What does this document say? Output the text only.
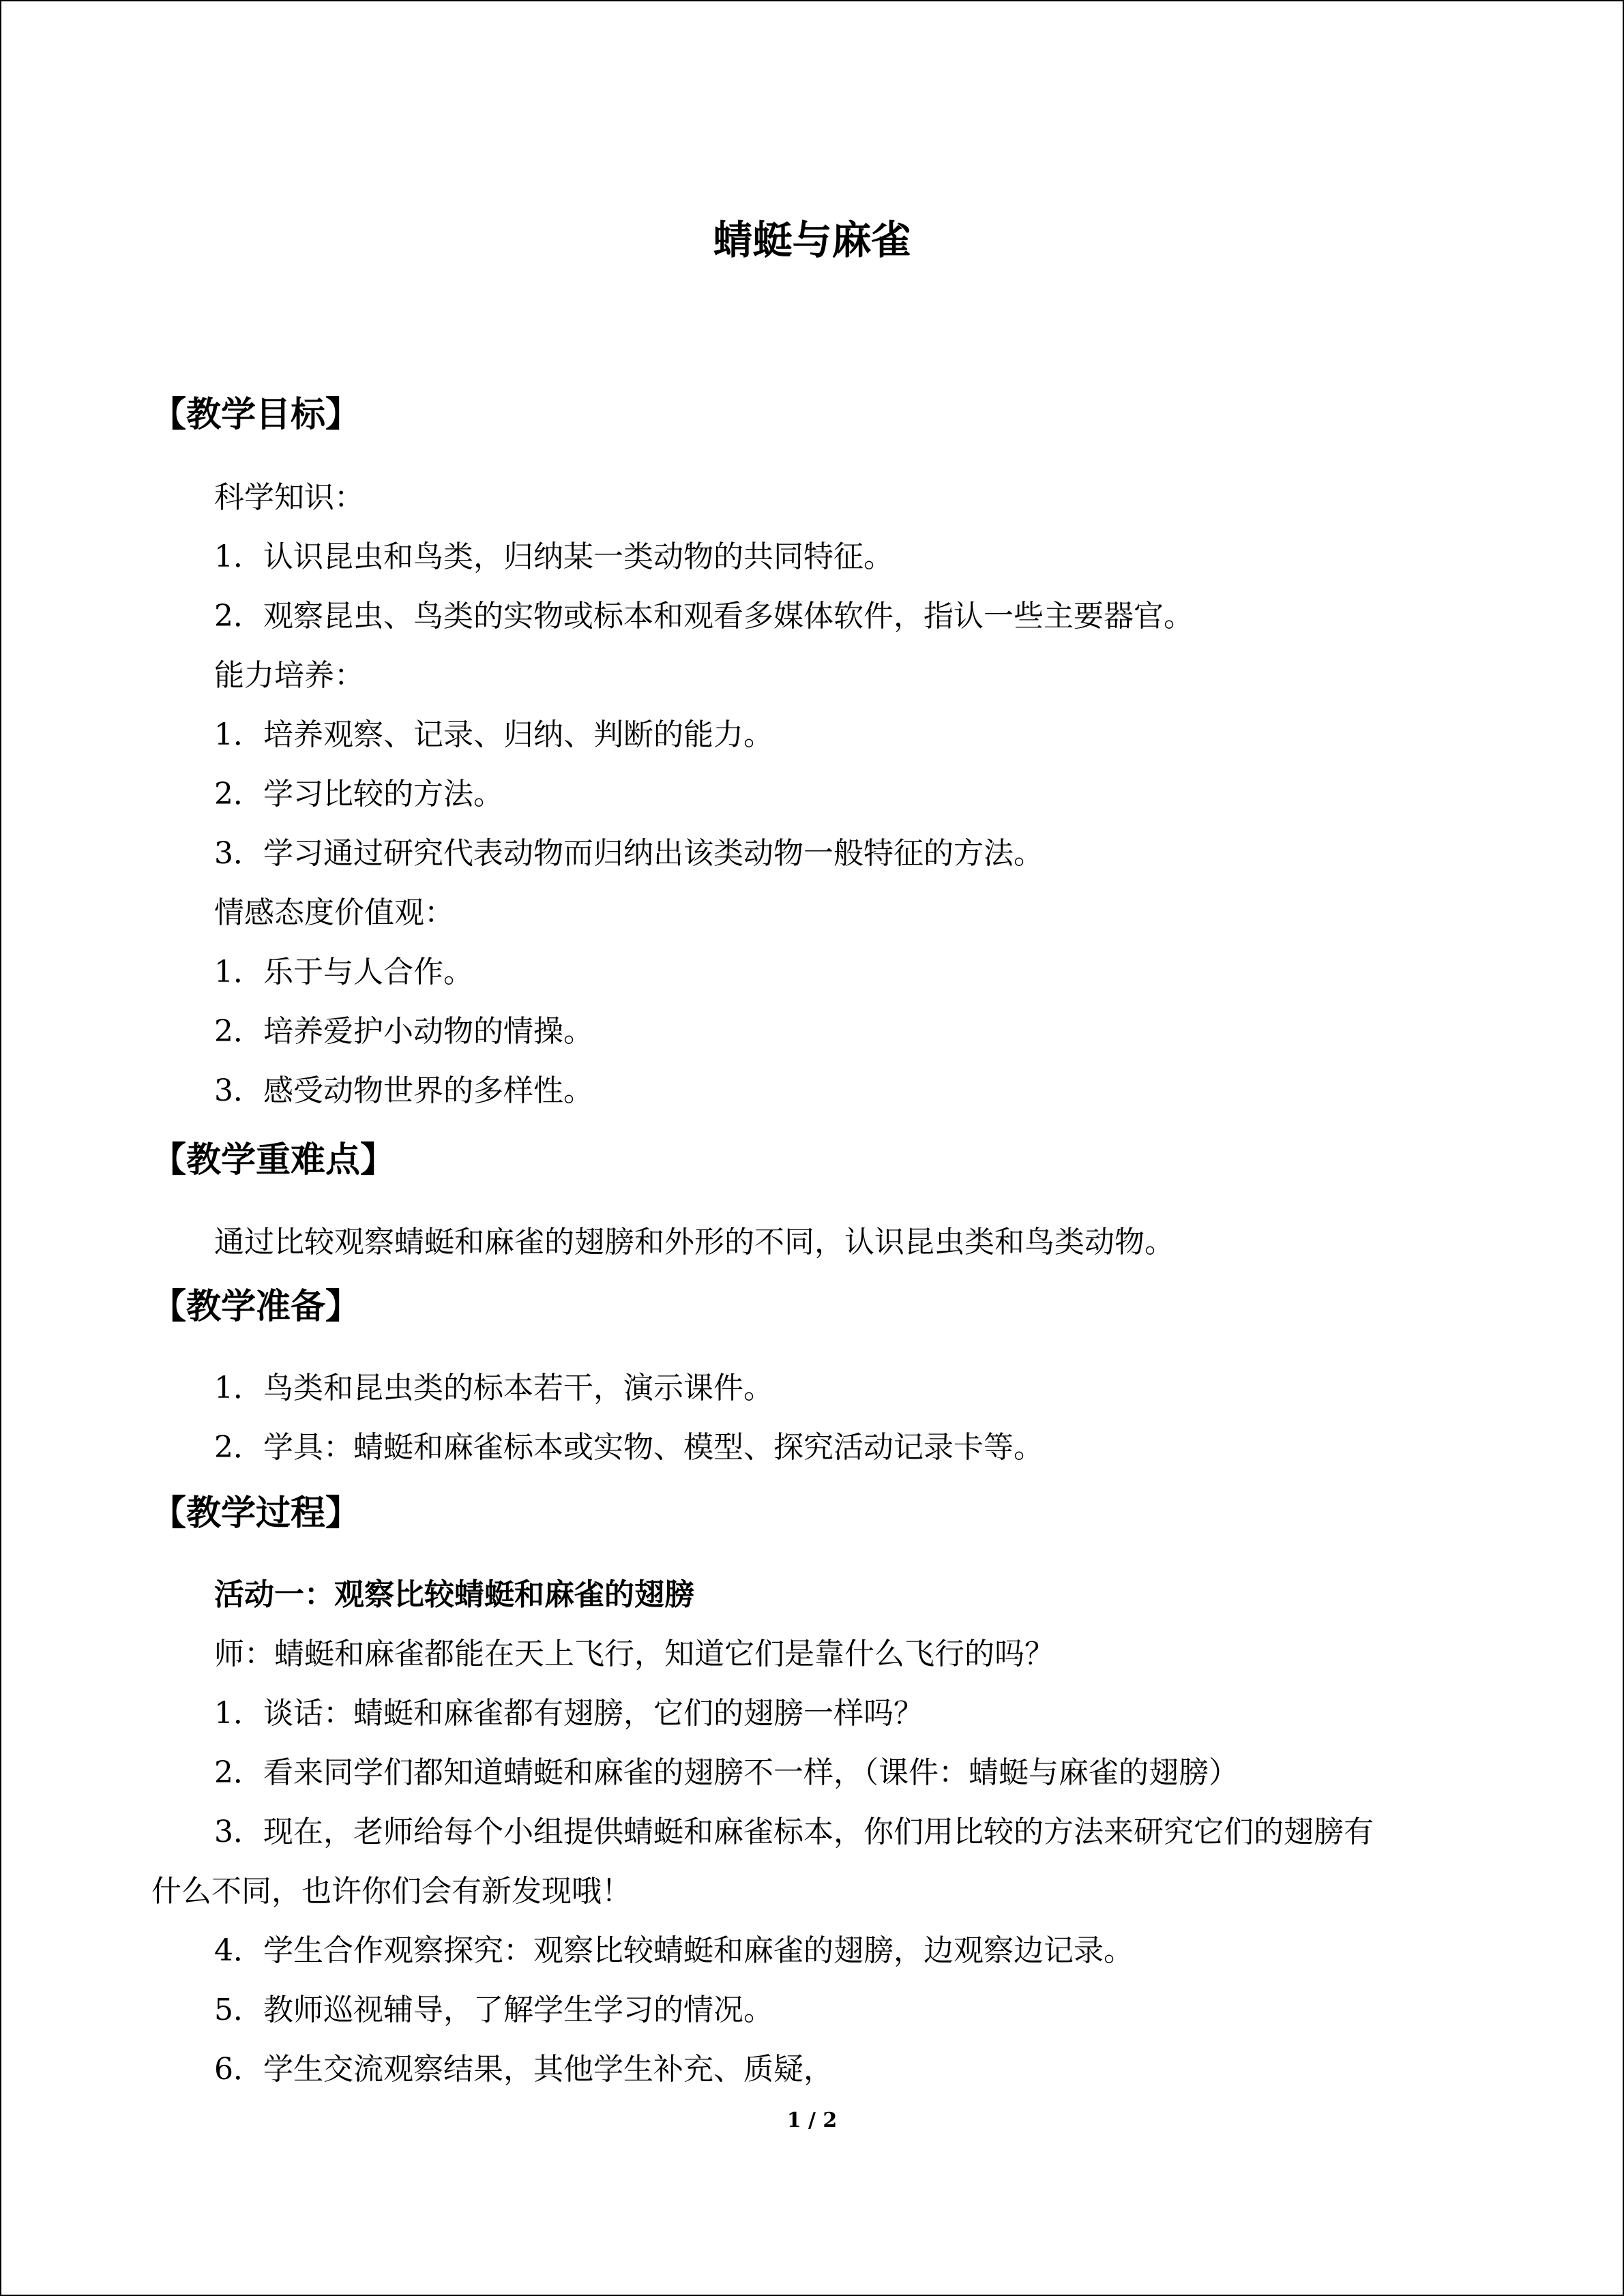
蜻蜓与麻雀
【教学目标】
科学知识：
1．认识昆虫和鸟类，归纳某一类动物的共同特征。
2．观察昆虫、鸟类的实物或标本和观看多媒体软件，指认一些主要器官。
能力培养：
1．培养观察、记录、归纳、判断的能力。
2．学习比较的方法。
3．学习通过研究代表动物而归纳出该类动物一般特征的方法。
情感态度价值观：
1．乐于与人合作。
2．培养爱护小动物的情操。
3．感受动物世界的多样性。
【教学重难点】
通过比较观察蜻蜓和麻雀的翅膀和外形的不同，认识昆虫类和鸟类动物。
【教学准备】
1．鸟类和昆虫类的标本若干，演示课件。
2．学具：蜻蜓和麻雀标本或实物、模型、探究活动记录卡等。
【教学过程】
活动一：观察比较蜻蜓和麻雀的翅膀
师：蜻蜓和麻雀都能在天上飞行，知道它们是靠什么飞行的吗？
1．谈话：蜻蜓和麻雀都有翅膀，它们的翅膀一样吗？
2．看来同学们都知道蜻蜓和麻雀的翅膀不一样，（课件：蜻蜓与麻雀的翅膀）
3．现在，老师给每个小组提供蜻蜓和麻雀标本，你们用比较的方法来研究它们的翅膀有
什么不同，也许你们会有新发现哦！
4．学生合作观察探究：观察比较蜻蜓和麻雀的翅膀，边观察边记录。
5．教师巡视辅导，了解学生学习的情况。
6．学生交流观察结果，其他学生补充、质疑，
1 / 2
